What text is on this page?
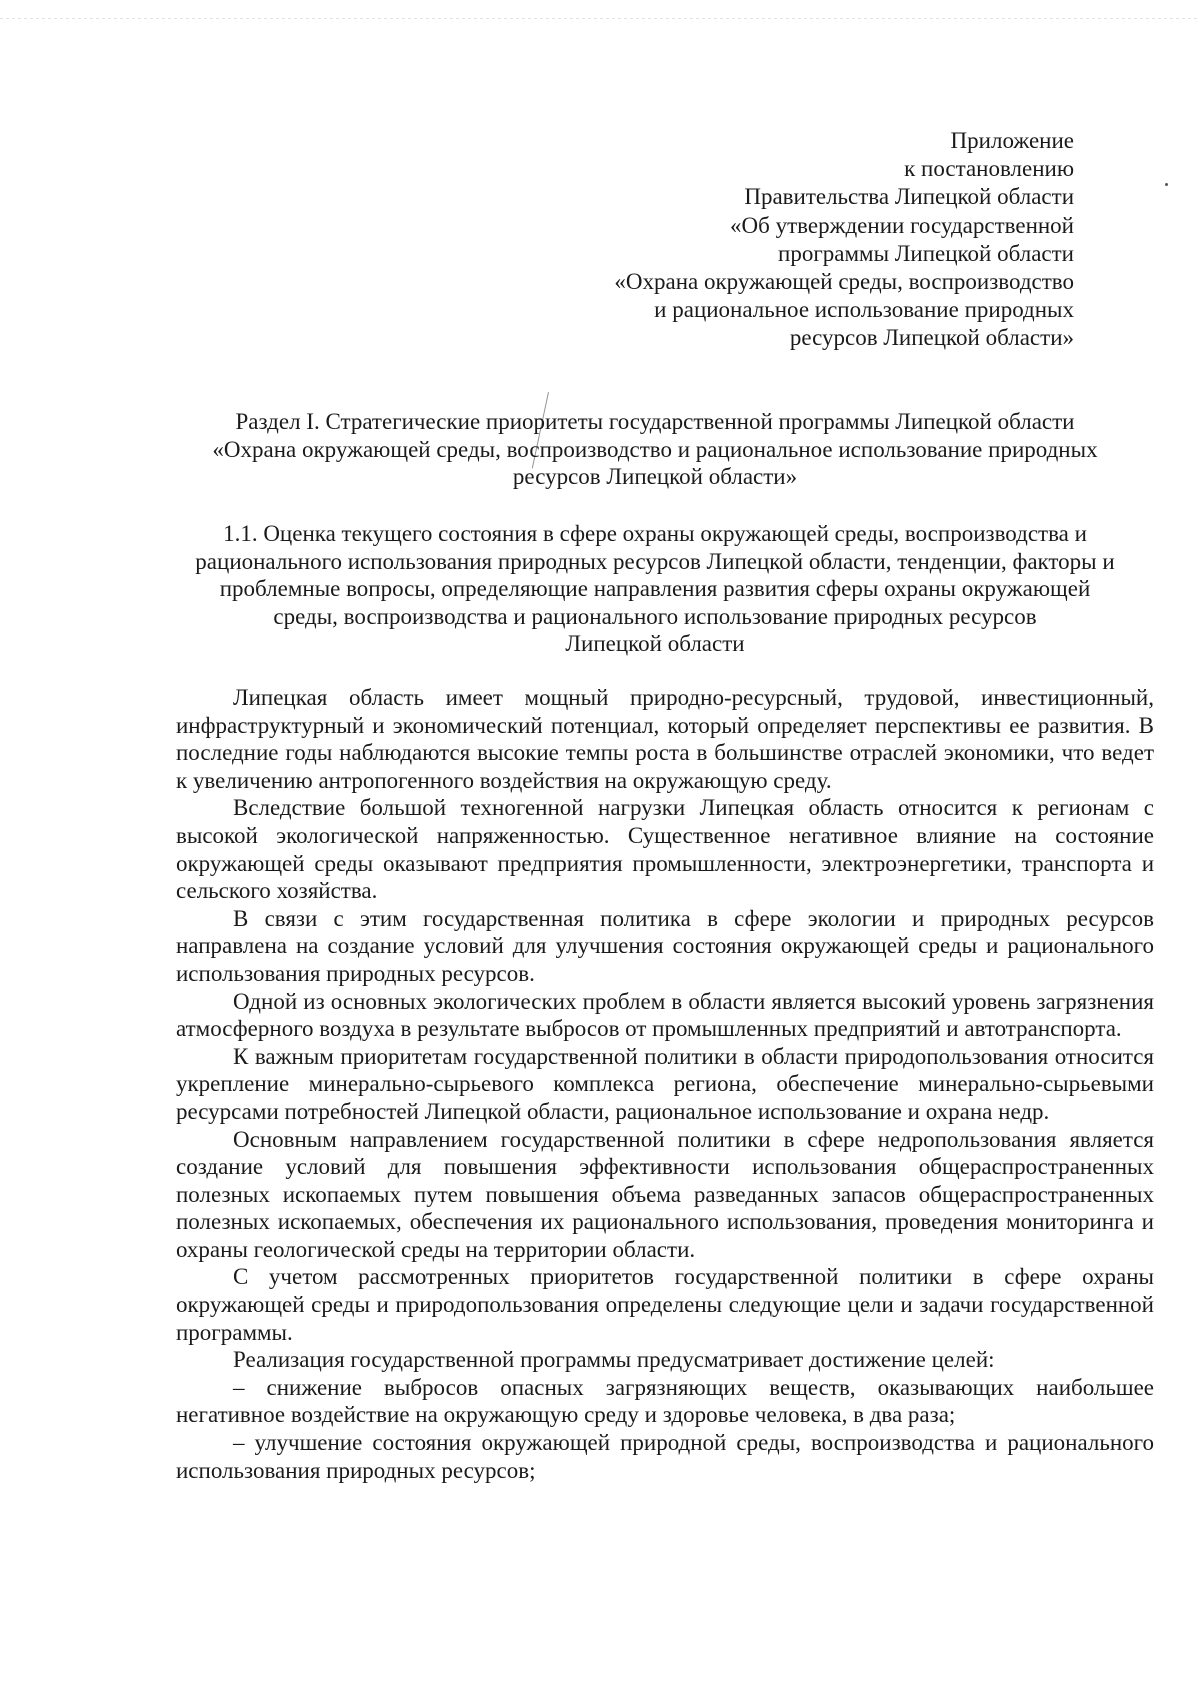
Приложение
к постановлению
Правительства Липецкой области
«Об утверждении государственной
программы Липецкой области
«Охрана окружающей среды, воспроизводство
и рациональное использование природных
ресурсов Липецкой области»
Раздел I. Стратегические приоритеты государственной программы Липецкой области
«Охрана окружающей среды, воспроизводство и рациональное использование природных
ресурсов Липецкой области»
1.1. Оценка текущего состояния в сфере охраны окружающей среды, воспроизводства и
рационального использования природных ресурсов Липецкой области, тенденции, факторы и
проблемные вопросы, определяющие направления развития сферы охраны окружающей
среды, воспроизводства и рационального использование природных ресурсов
Липецкой области

Липецкая область имеет мощный природно-ресурсный, трудовой, инвестиционный, инфраструктурный и экономический потенциал, который определяет перспективы ее развития. В последние годы наблюдаются высокие темпы роста в большинстве отраслей экономики, что ведет к увеличению антропогенного воздействия на окружающую среду.

Вследствие большой техногенной нагрузки Липецкая область относится к регионам с высокой экологической напряженностью. Существенное негативное влияние на состояние окружающей среды оказывают предприятия промышленности, электроэнергетики, транспорта и сельского хозяйства.

В связи с этим государственная политика в сфере экологии и природных ресурсов направлена на создание условий для улучшения состояния окружающей среды и рационального использования природных ресурсов.

Одной из основных экологических проблем в области является высокий уровень загрязнения атмосферного воздуха в результате выбросов от промышленных предприятий и автотранспорта.

К важным приоритетам государственной политики в области природопользования относится укрепление минерально-сырьевого комплекса региона, обеспечение минерально-сырьевыми ресурсами потребностей Липецкой области, рациональное использование и охрана недр.

Основным направлением государственной политики в сфере недропользования является создание условий для повышения эффективности использования общераспространенных полезных ископаемых путем повышения объема разведанных запасов общераспространенных полезных ископаемых, обеспечения их рационального использования, проведения мониторинга и охраны геологической среды на территории области.

С учетом рассмотренных приоритетов государственной политики в сфере охраны окружающей среды и природопользования определены следующие цели и задачи государственной программы.

Реализация государственной программы предусматривает достижение целей:

– снижение выбросов опасных загрязняющих веществ, оказывающих наибольшее негативное воздействие на окружающую среду и здоровье человека, в два раза;

– улучшение состояния окружающей природной среды, воспроизводства и рационального использования природных ресурсов;
